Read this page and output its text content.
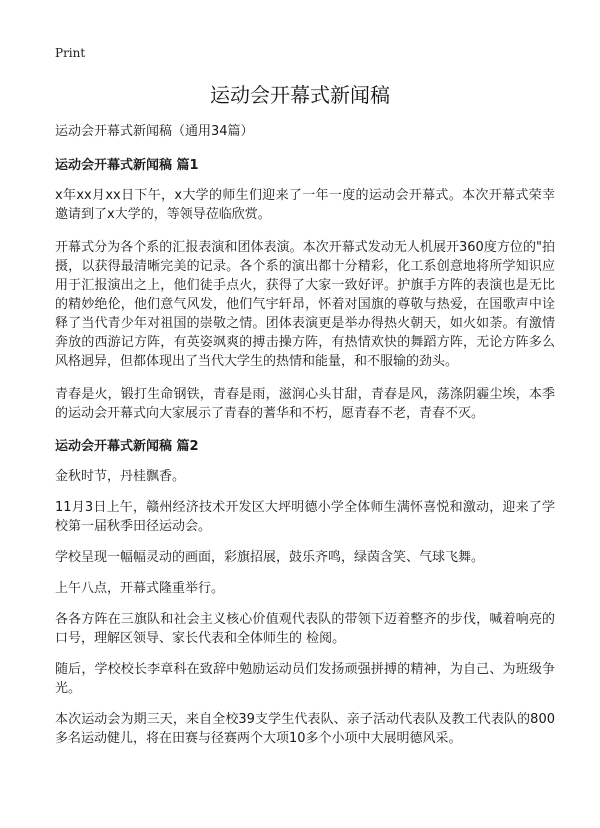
Print
运动会开幕式新闻稿
运动会开幕式新闻稿（通用34篇）
运动会开幕式新闻稿 篇1

x年xx月xx日下午，x大学的师生们迎来了一年一度的运动会开幕式。本次开幕式荣幸邀请到了x大学的，等领导莅临欣赏。

开幕式分为各个系的汇报表演和团体表演。本次开幕式发动无人机展开360度方位的"拍摄，以获得最清晰完美的记录。各个系的演出都十分精彩，化工系创意地将所学知识应用于汇报演出之上，他们徒手点火，获得了大家一致好评。护旗手方阵的表演也是无比的精妙绝伦，他们意气风发，他们气宇轩昂，怀着对国旗的尊敬与热爱，在国歌声中诠释了当代青少年对祖国的崇敬之情。团体表演更是举办得热火朝天，如火如荼。有激情奔放的西游记方阵，有英姿飒爽的搏击操方阵，有热情欢快的舞蹈方阵，无论方阵多么风格迥异，但都体现出了当代大学生的热情和能量，和不服输的劲头。

青春是火，锻打生命钢铁，青春是雨，滋润心头甘甜，青春是风，荡涤阴霾尘埃，本季的运动会开幕式向大家展示了青春的蓍华和不朽，愿青春不老，青春不灭。

运动会开幕式新闻稿 篇2

金秋时节，丹桂飘香。

11月3日上午，赣州经济技术开发区大坪明德小学全体师生满怀喜悦和激动，迎来了学校第一届秋季田径运动会。

学校呈现一幅幅灵动的画面，彩旗招展，鼓乐齐鸣，绿茵含笑、气球飞舞。

上午八点，开幕式隆重举行。

各各方阵在三旗队和社会主义核心价值观代表队的带领下迈着整齐的步伐，喊着响亮的口号，理解区领导、家长代表和全体师生的 检阅。

随后，学校校长李章科在致辞中勉励运动员们发扬顽强拼搏的精神，为自己、为班级争光。

本次运动会为期三天，来自全校39支学生代表队、亲子活动代表队及教工代表队的800多名运动健儿，将在田赛与径赛两个大项10多个小项中大展明德风采。
